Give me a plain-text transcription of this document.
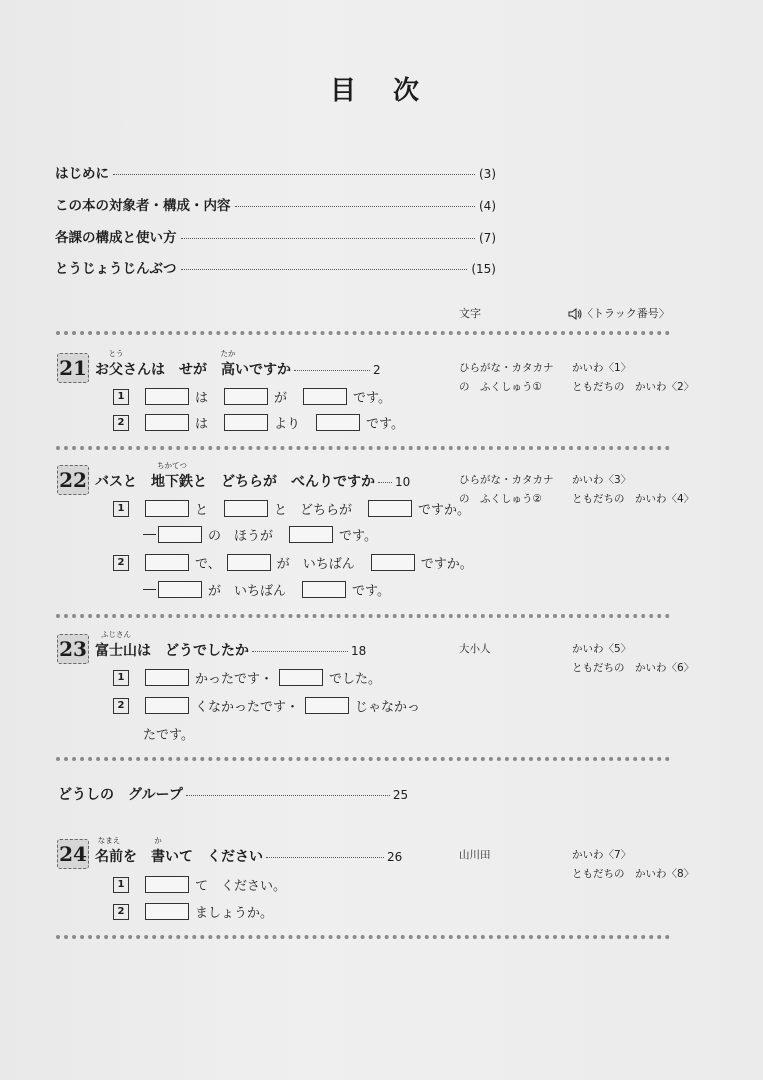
目 次
はじめに	(3)
この本の対象者・構成・内容	(4)
各課の構成と使い方	(7)
とうじょうじんぶつ	(15)
文字	〈トラック番号〉
21 お 父
とう
さんは　せが　 高
たか
いですか	2	ひらがな・カタカナ
の　ふくしゅう①
かいわ〈1〉
ともだちの　かいわ〈2〉
1	は	が	です。
2	は	より	です。
22 バスと　 地下鉄
ちかてつ
と　どちらが　べんりですか 10	ひらがな・カタカナ
の　ふくしゅう②
かいわ〈3〉
ともだちの　かいわ〈4〉
1	と	と　どちらが	ですか。
―	の　ほうが	です。
2	で、	が　いちばん	ですか。
―	が　いちばん	です。
23 富士山
ふじさん
は　どうでしたか	18	大小人	かいわ〈5〉
ともだちの　かいわ〈6〉
1	かったです・	でした。
2	くなかったです・	じゃなかっ
たです。
どうしの　グループ	25
24 名前
なまえ
を　 書
か
いて　ください	26	山川田	かいわ〈7〉
ともだちの　かいわ〈8〉
1	て　ください。
2	ましょうか。
